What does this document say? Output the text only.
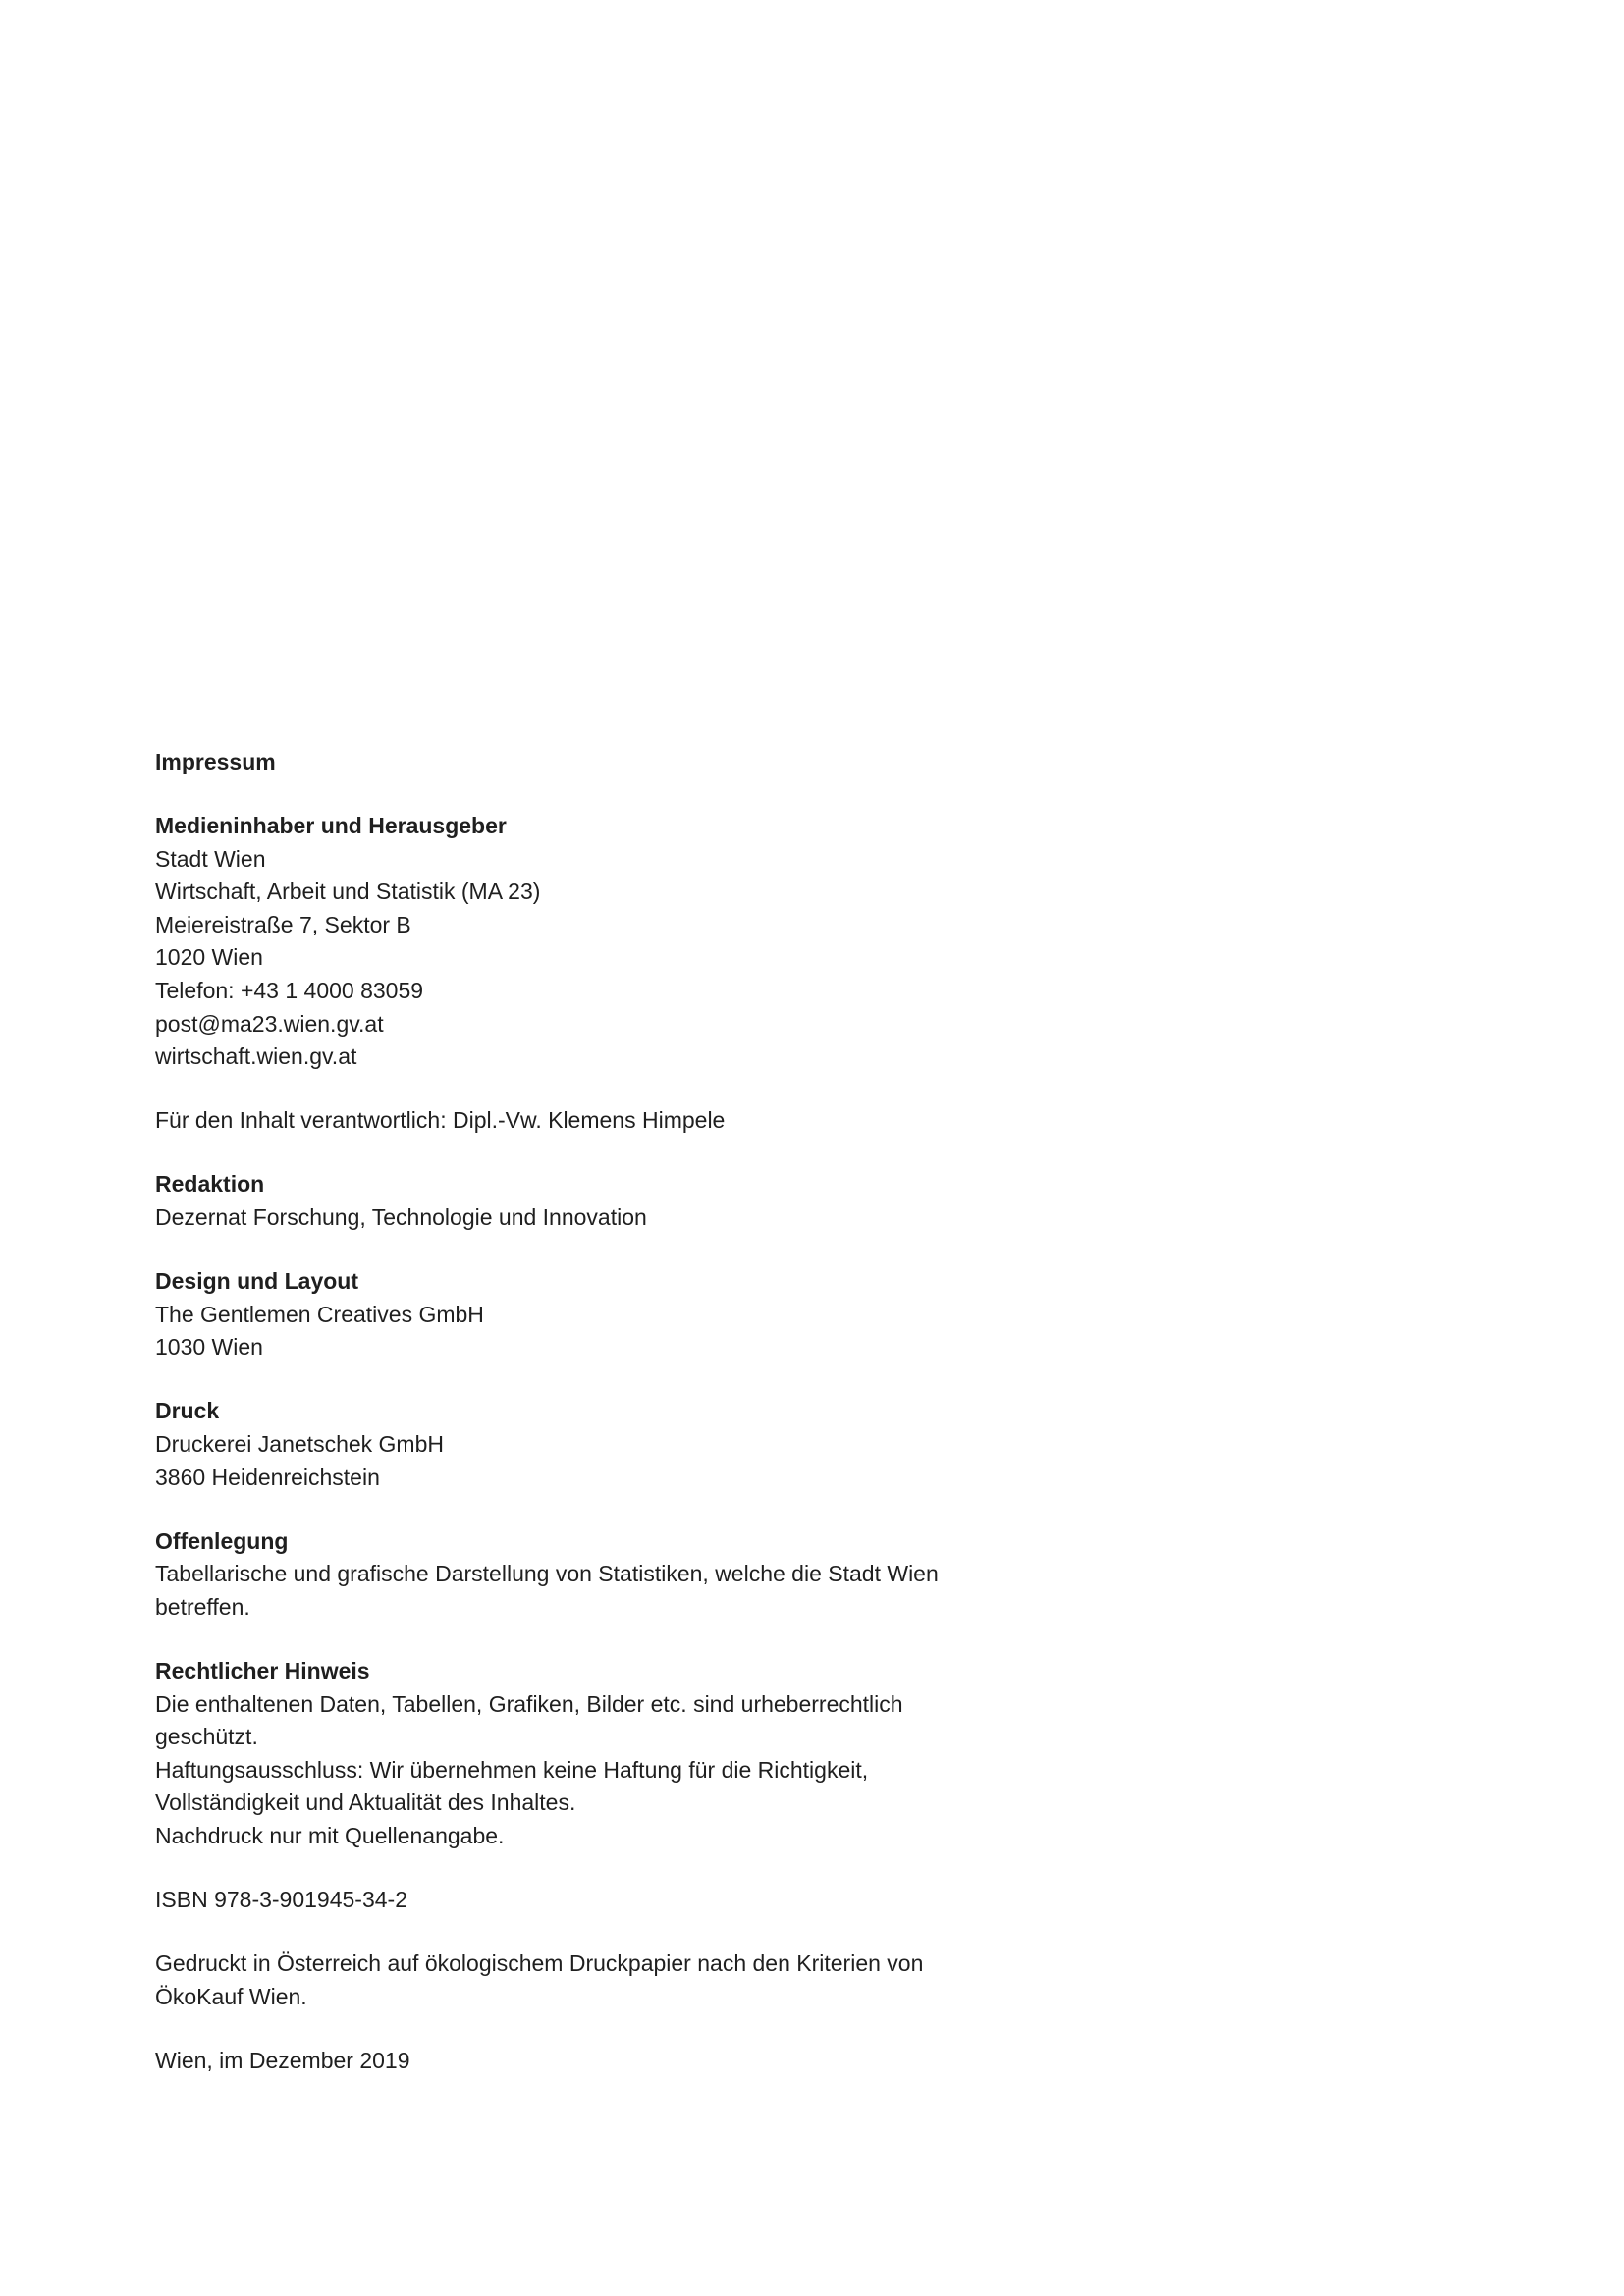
Impressum
Medieninhaber und Herausgeber
Stadt Wien
Wirtschaft, Arbeit und Statistik (MA 23)
Meiereistraße 7, Sektor B
1020 Wien
Telefon: +43 1 4000 83059
post@ma23.wien.gv.at
wirtschaft.wien.gv.at
Für den Inhalt verantwortlich: Dipl.-Vw. Klemens Himpele
Redaktion
Dezernat Forschung, Technologie und Innovation
Design und Layout
The Gentlemen Creatives GmbH
1030 Wien
Druck
Druckerei Janetschek GmbH
3860 Heidenreichstein
Offenlegung
Tabellarische und grafische Darstellung von Statistiken, welche die Stadt Wien
betreffen.
Rechtlicher Hinweis
Die enthaltenen Daten, Tabellen, Grafiken, Bilder etc. sind urheberrechtlich
geschützt.
Haftungsausschluss: Wir übernehmen keine Haftung für die Richtigkeit,
Vollständigkeit und Aktualität des Inhaltes.
Nachdruck nur mit Quellenangabe.
ISBN 978-3-901945-34-2
Gedruckt in Österreich auf ökologischem Druckpapier nach den Kriterien von
ÖkoKauf Wien.
Wien, im Dezember 2019
